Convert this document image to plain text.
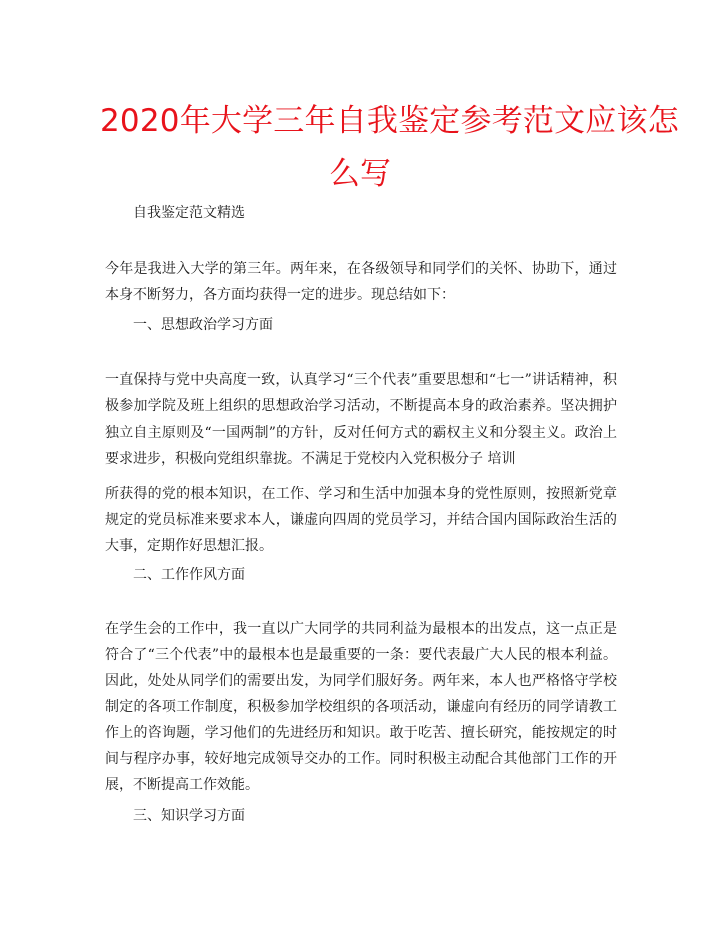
2020年大学三年自我鉴定参考范文应该怎
么写
自我鉴定范文精选
今年是我进入大学的第三年。两年来，在各级领导和同学们的关怀、协助下，通过
本身不断努力，各方面均获得一定的进步。现总结如下：
一、思想政治学习方面
一直保持与党中央高度一致，认真学习“三个代表”重要思想和“七一”讲话精神，积
极参加学院及班上组织的思想政治学习活动，不断提高本身的政治素养。坚决拥护
独立自主原则及“一国两制”的方针，反对任何方式的霸权主义和分裂主义。政治上
要求进步，积极向党组织靠拢。不满足于党校内入党积极分子 培训
所获得的党的根本知识，在工作、学习和生活中加强本身的党性原则，按照新党章
规定的党员标准来要求本人，谦虚向四周的党员学习，并结合国内国际政治生活的
大事，定期作好思想汇报。
二、工作作风方面
在学生会的工作中，我一直以广大同学的共同利益为最根本的出发点，这一点正是
符合了“三个代表”中的最根本也是最重要的一条：要代表最广大人民的根本利益。
因此，处处从同学们的需要出发，为同学们服好务。两年来，本人也严格恪守学校
制定的各项工作制度，积极参加学校组织的各项活动，谦虚向有经历的同学请教工
作上的咨询题，学习他们的先进经历和知识。敢于吃苦、擅长研究，能按规定的时
间与程序办事，较好地完成领导交办的工作。同时积极主动配合其他部门工作的开
展，不断提高工作效能。
三、知识学习方面
